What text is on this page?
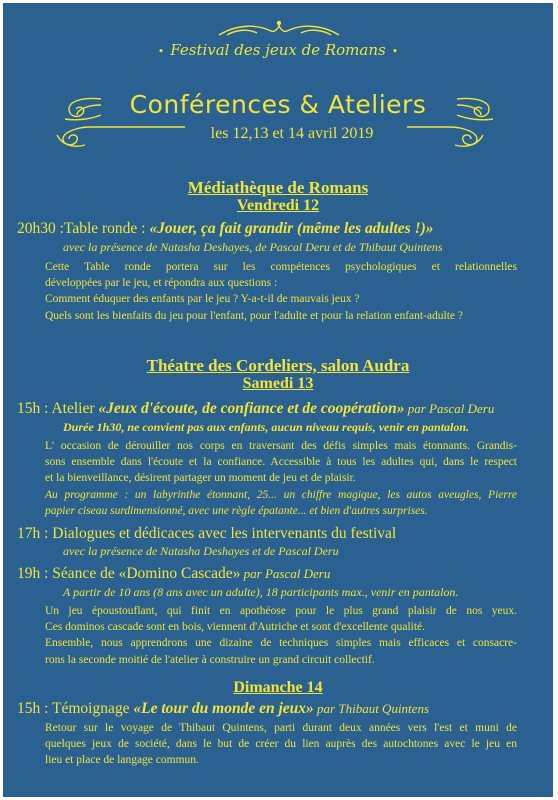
• Festival des jeux de Romans •
Conférences & Ateliers
les 12,13 et 14 avril 2019
Médiathèque de Romans
Vendredi 12
20h30 :Table ronde : «Jouer, ça fait grandir (même les adultes !)»
avec la présence de Natasha Deshayes, de Pascal Deru et de Thibaut Quintens
Cette Table ronde portera sur les compétences psychologiques et relationnelles
développées par le jeu, et répondra aux questions :
Comment éduquer des enfants par le jeu ? Y-a-t-il de mauvais jeux ?
Quels sont les bienfaits du jeu pour l'enfant, pour l'adulte et pour la relation enfant-adulte ?
Théatre des Cordeliers, salon Audra
Samedi 13
15h : Atelier «Jeux d'écoute, de confiance et de coopération» par Pascal Deru
Durée 1h30, ne convient pas aux enfants, aucun niveau requis, venir en pantalon.
L' occasion de dérouiller nos corps en traversant des défis simples mais étonnants. Grandis-
sons ensemble dans l'écoute et la confiance. Accessible à tous les adultes qui, dans le respect
et la bienveillance, désirent partager un moment de jeu et de plaisir.
Au programme : un labyrinthe étonnant, 25... un chiffre magique, les autos aveugles, Pierre
papier ciseau surdimensionné, avec une règle épatante... et bien d'autres surprises.
17h : Dialogues et dédicaces avec les intervenants du festival
avec la présence de Natasha Deshayes et de Pascal Deru
19h : Séance de «Domino Cascade» par Pascal Deru
A partir de 10 ans (8 ans avec un adulte), 18 participants max., venir en pantalon.
Un jeu époustouflant, qui finit en apothéose pour le plus grand plaisir de nos yeux.
Ces dominos cascade sont en bois, viennent d'Autriche et sont d'excellente qualité.
Ensemble, nous apprendrons une dizaine de techniques simples mais efficaces et consacre-
rons la seconde moitié de l'atelier à construire un grand circuit collectif.
Dimanche 14
15h : Témoignage «Le tour du monde en jeux» par Thibaut Quintens
Retour sur le voyage de Thibaut Quintens, parti durant deux années vers l'est et muni de
quelques jeux de société, dans le but de créer du lien auprès des autochtones avec le jeu en
lieu et place de langage commun.
